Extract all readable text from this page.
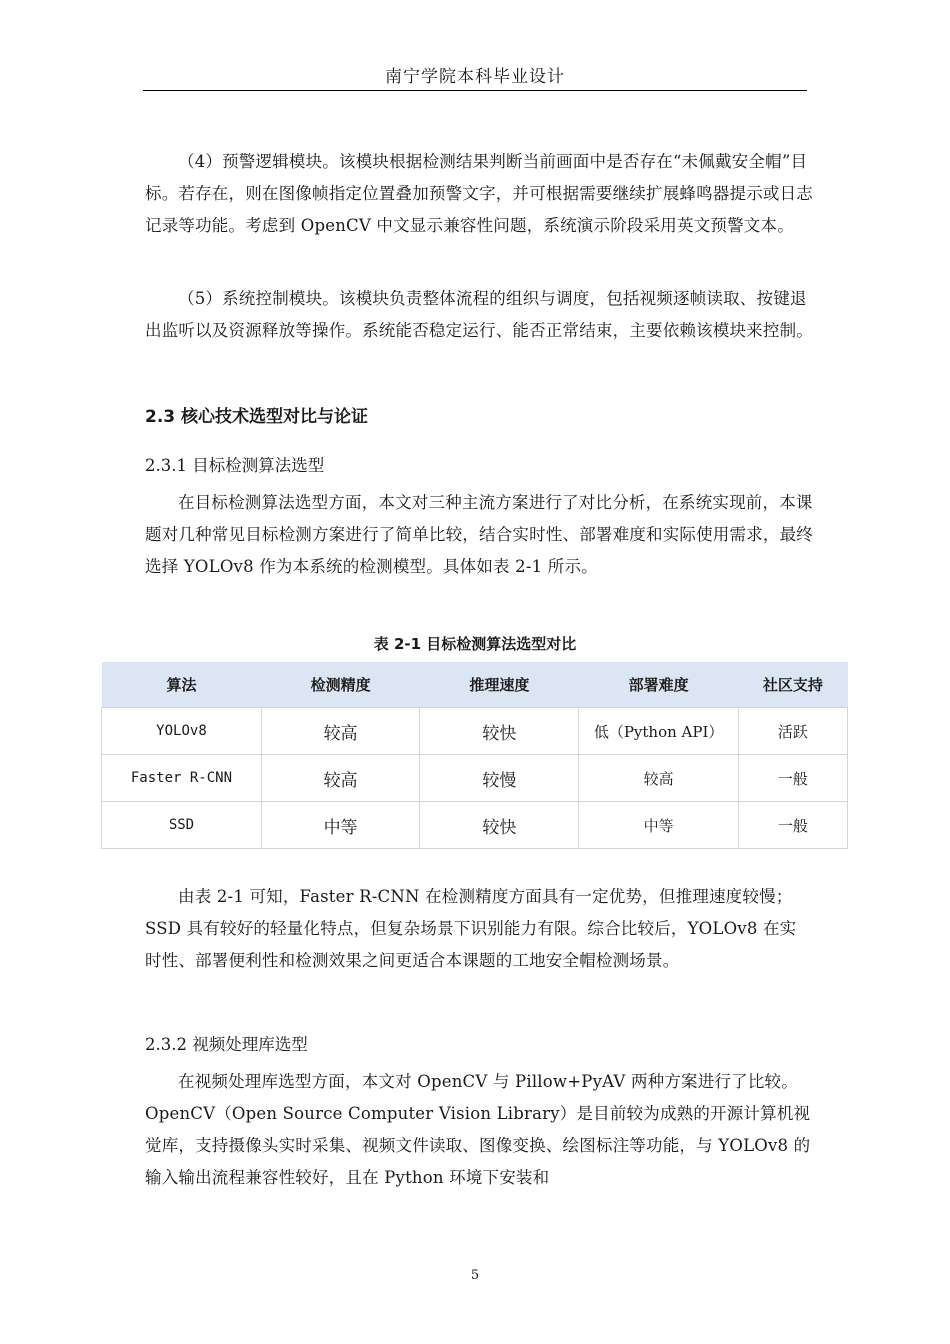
南宁学院本科毕业设计
（4）预警逻辑模块。该模块根据检测结果判断当前画面中是否存在“未佩戴安全帽”目标。若存在，则在图像帧指定位置叠加预警文字，并可根据需要继续扩展蜂鸣器提示或日志记录等功能。考虑到 OpenCV 中文显示兼容性问题，系统演示阶段采用英文预警文本。
（5）系统控制模块。该模块负责整体流程的组织与调度，包括视频逐帧读取、按键退出监听以及资源释放等操作。系统能否稳定运行、能否正常结束，主要依赖该模块来控制。
2.3 核心技术选型对比与论证
2.3.1 目标检测算法选型
在目标检测算法选型方面，本文对三种主流方案进行了对比分析，在系统实现前，本课题对几种常见目标检测方案进行了简单比较，结合实时性、部署难度和实际使用需求，最终选择 YOLOv8 作为本系统的检测模型。具体如表 2-1 所示。
表 2-1 目标检测算法选型对比
算法	检测精度	推理速度	部署难度	社区支持
YOLOv8	较高	较快	低（Python API）	活跃
Faster R-CNN	较高	较慢	较高	一般
SSD	中等	较快	中等	一般
由表 2-1 可知，Faster R-CNN 在检测精度方面具有一定优势，但推理速度较慢；SSD 具有较好的轻量化特点，但复杂场景下识别能力有限。综合比较后，YOLOv8 在实时性、部署便利性和检测效果之间更适合本课题的工地安全帽检测场景。
2.3.2 视频处理库选型
在视频处理库选型方面，本文对 OpenCV 与 Pillow+PyAV 两种方案进行了比较。OpenCV（Open Source Computer Vision Library）是目前较为成熟的开源计算机视觉库，支持摄像头实时采集、视频文件读取、图像变换、绘图标注等功能，与 YOLOv8 的输入输出流程兼容性较好，且在 Python 环境下安装和
5
